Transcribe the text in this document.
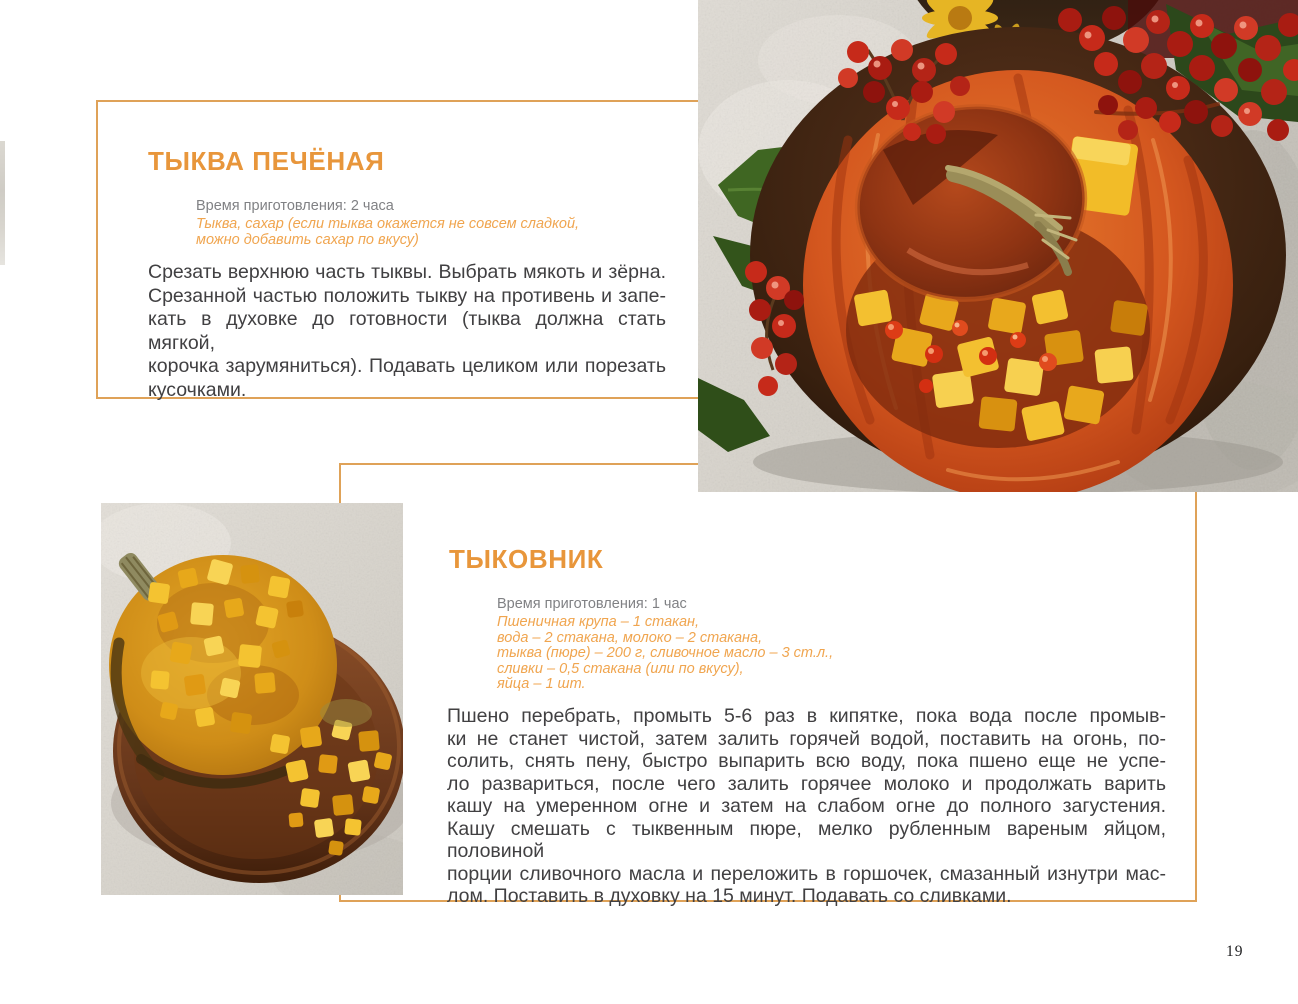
ТЫКВА ПЕЧЁНАЯ
Время приготовления: 2 часа
Тыква, сахар (если тыква окажется не совсем сладкой,
можно добавить сахар по вкусу)
Срезать верхнюю часть тыквы. Выбрать мякоть и зёрна.
Срезанной частью положить тыкву на противень и запе-
кать в духовке до готовности (тыква должна стать мягкой,
корочка зарумяниться). Подавать целиком или порезать
кусочками.
ТЫКОВНИК
Время приготовления: 1 час
Пшеничная крупа – 1 стакан,
вода – 2 стакана, молоко – 2 стакана,
тыква (пюре) – 200 г, сливочное масло – 3 ст.л.,
сливки – 0,5 стакана (или по вкусу),
яйца – 1 шт.
Пшено перебрать, промыть 5-6 раз в кипятке, пока вода после промыв-
ки не станет чистой, затем залить горячей водой, поставить на огонь, по-
солить, снять пену, быстро выпарить всю воду, пока пшено еще не успе-
ло развариться, после чего залить горячее молоко и продолжать варить
кашу на умеренном огне и затем на слабом огне до полного загустения.
Кашу смешать с тыквенным пюре, мелко рубленным вареным яйцом, половиной
порции сливочного масла и переложить в горшочек, смазанный изнутри мас-
лом. Поставить в духовку на 15 минут. Подавать со сливками.
19
